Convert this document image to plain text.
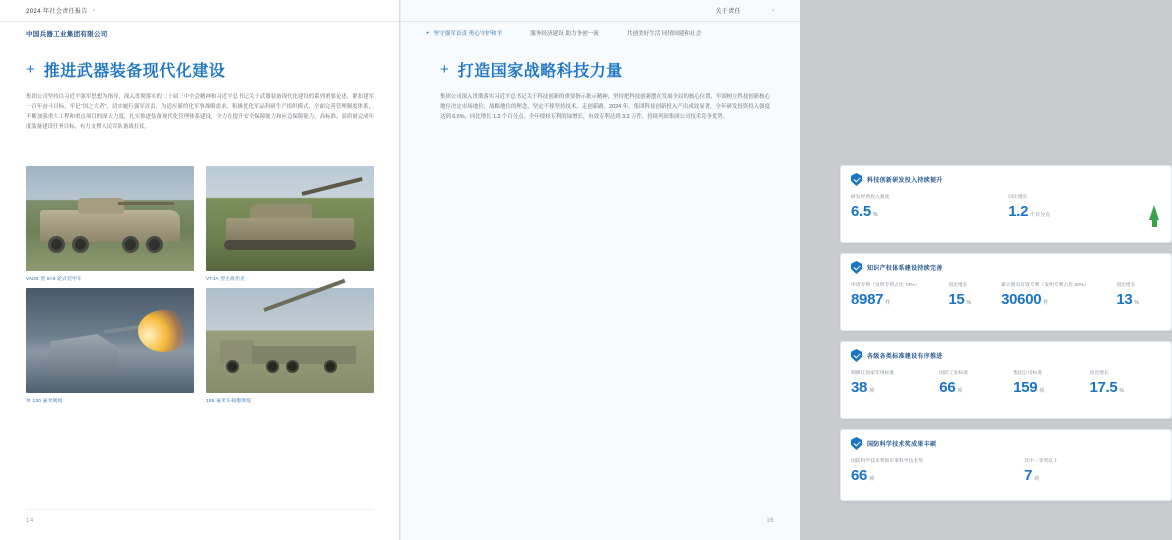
2024 年社会责任报告 ›
中国兵器工业集团有限公司
+ 推进武器装备现代化建设
集团公司坚持以习近平强军思想为指导，深入贯彻落实的二十届三中全会精神和习近平总书记关于武器装备现代化建设的系列重要论述，紧扣建军一百年奋斗目标，牢记"国之大者"，切实履行强军首责，为适应新的化军事战略需求、积极优化军品科研生产组织模式，全面完善管理制度体系，不断加强重大工程和重点项目的深天力度，扎实推进装备现代化管理体系建设，全力在提升安全保障能力和应急保障能力，高标准、高质量完成年度装备建设任务目标，有力支撑人民军队备战打仗。
VN25 型 8×8 轮式装甲车	VT4A 型主战坦克
单 130 毫米舰炮	155 毫米车载榴弹炮
14
关于责任	›
+ 坚守强军首责 勇心守护和平	服务经济建设 助力争创一流	共创美好生活 同情国建和社会
+ 打造国家战略科技力量
集团公司深入贯彻落实习近平总书记关于科技创新的重要指示批示精神，坚持把科技创新摆在发展全局的核心位置，牢固树立科技创新核心地位决定市场地位、战略地位的理念，坚定不移坚持技术、走创新路。2024 年，集团科技创新投入产出成效显著，全年研发投资投入强度达到 6.5%，同比增长 1.2 个百分点。全年授权专利的绿增长，有效专利达到 3.3 万件，持续巩固集团公司技术竞争优势。
科技创新研发投入持续提升
研发经费投入强度
6.5 %
同比增长
1.2 个百分点
知识产权体系建设持续完善
申请专利（发明专利占比 74%）
8987 件
同比增长
15 %
累计拥有有效专利（发明专利占比 60%）
30600 件
同比增长
13 %
各级各类标准建设有序推进
制修订国家军用标准
38 项
国防工业标准
66 项
集团公司标准
159 项
同比增长
17.5 %
国防科学技术奖成果丰硕
国防科学技术奖和军事科学技术奖
66 项
其中一等奖以上
7 项
16
